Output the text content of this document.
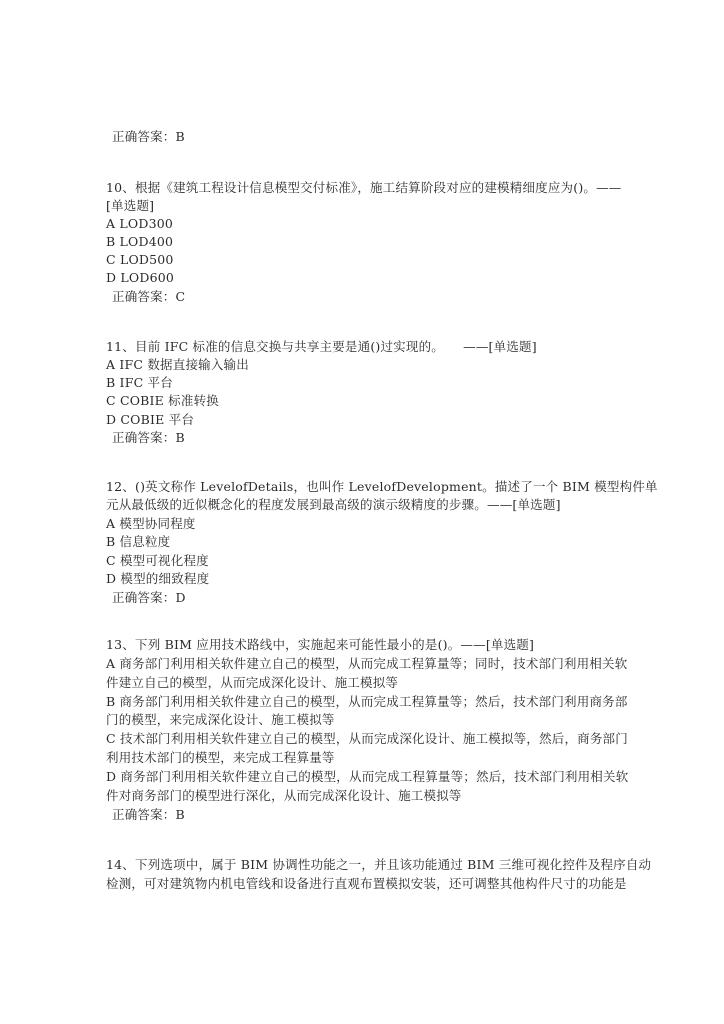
正确答案：B
10、根据《建筑工程设计信息模型交付标准》，施工结算阶段对应的建模精细度应为()。——
[单选题]
A LOD300
B LOD400
C LOD500
D LOD600
正确答案：C
11、目前 IFC 标准的信息交换与共享主要是通()过实现的。　　——[单选题]
A IFC 数据直接输入输出
B IFC 平台
C COBIE 标准转换
D COBIE 平台
正确答案：B
12、()英文称作 LevelofDetails，也叫作 LevelofDevelopment。描述了一个 BIM 模型构件单
元从最低级的近似概念化的程度发展到最高级的演示级精度的步骤。——[单选题]
A 模型协同程度
B 信息粒度
C 模型可视化程度
D 模型的细致程度
正确答案：D
13、下列 BIM 应用技术路线中，实施起来可能性最小的是()。——[单选题]
A 商务部门利用相关软件建立自己的模型，从而完成工程算量等；同时，技术部门利用相关软
件建立自己的模型，从而完成深化设计、施工模拟等
B 商务部门利用相关软件建立自己的模型，从而完成工程算量等；然后，技术部门利用商务部
门的模型，来完成深化设计、施工模拟等
C 技术部门利用相关软件建立自己的模型，从而完成深化设计、施工模拟等，然后，商务部门
利用技术部门的模型，来完成工程算量等
D 商务部门利用相关软件建立自己的模型，从而完成工程算量等；然后，技术部门利用相关软
件对商务部门的模型进行深化，从而完成深化设计、施工模拟等
正确答案：B
14、下列选项中，属于 BIM 协调性功能之一，并且该功能通过 BIM 三维可视化控件及程序自动
检测，可对建筑物内机电管线和设备进行直观布置模拟安装，还可调整其他构件尺寸的功能是
